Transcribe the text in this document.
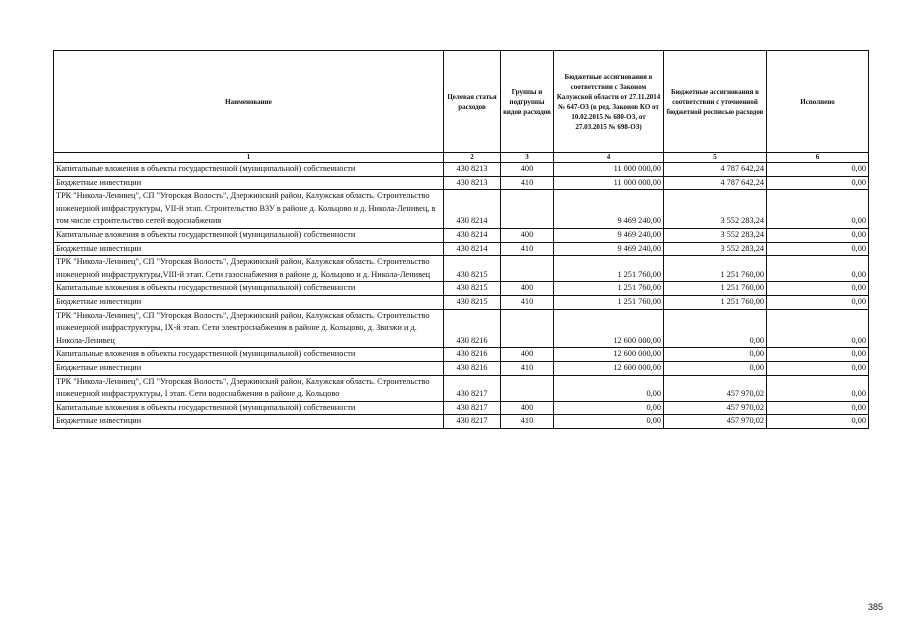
Наименование	Целевая статья расходов	Группы и подгруппы видов расходов	Бюджетные ассигнования в соответствии с Законом Калужской области от 27.11.2014 № 647-ОЗ (в ред. Законов КО от 10.02.2015 № 680-ОЗ, от 27.03.2015 № 698-ОЗ)	Бюджетные ассигнования в соответствии с уточненной бюджетной росписью расходов	Исполнено
1	2	3	4	5	6
Капитальные вложения в объекты государственной (муниципальной) собственности	430 8213	400	11 000 000,00	4 787 642,24	0,00
Бюджетные инвестиции	430 8213	410	11 000 000,00	4 787 642,24	0,00
ТРК "Никола-Ленивец", СП "Угорская Волость", Дзержинский район, Калужская область. Строительство инженерной инфраструктуры, VII-й этап. Строительство ВЗУ в районе д. Кольцово и д. Никола-Ленивец, в том числе строительство сетей водоснабжения	430 8214		9 469 240,00	3 552 283,24	0,00
Капитальные вложения в объекты государственной (муниципальной) собственности	430 8214	400	9 469 240,00	3 552 283,24	0,00
Бюджетные инвестиции	430 8214	410	9 469 240,00	3 552 283,24	0,00
ТРК "Никола-Ленивец", СП "Угорская Волость", Дзержинский район, Калужская область. Строительство инженерной инфраструктуры,VIII-й этап. Сети газоснабжения в районе д. Кольцово и д. Никола-Ленивец	430 8215		1 251 760,00	1 251 760,00	0,00
Капитальные вложения в объекты государственной (муниципальной) собственности	430 8215	400	1 251 760,00	1 251 760,00	0,00
Бюджетные инвестиции	430 8215	410	1 251 760,00	1 251 760,00	0,00
ТРК "Никола-Ленивец", СП "Угорская Волость", Дзержинский район, Калужская область. Строительство инженерной инфраструктуры, IX-й этап. Сети электроснабжения в районе д. Кольцово, д. Звизжи и д. Никола-Ленивец	430 8216		12 600 000,00	0,00	0,00
Капитальные вложения в объекты государственной (муниципальной) собственности	430 8216	400	12 600 000,00	0,00	0,00
Бюджетные инвестиции	430 8216	410	12 600 000,00	0,00	0,00
ТРК "Никола-Ленивец", СП "Угорская Волость", Дзержинский район, Калужская область. Строительство инженерной инфраструктуры, I этап. Сети водоснабжения в районе д. Кольцово	430 8217		0,00	457 970,02	0,00
Капитальные вложения в объекты государственной (муниципальной) собственности	430 8217	400	0,00	457 970,02	0,00
Бюджетные инвестиции	430 8217	410	0,00	457 970,02	0,00
385
